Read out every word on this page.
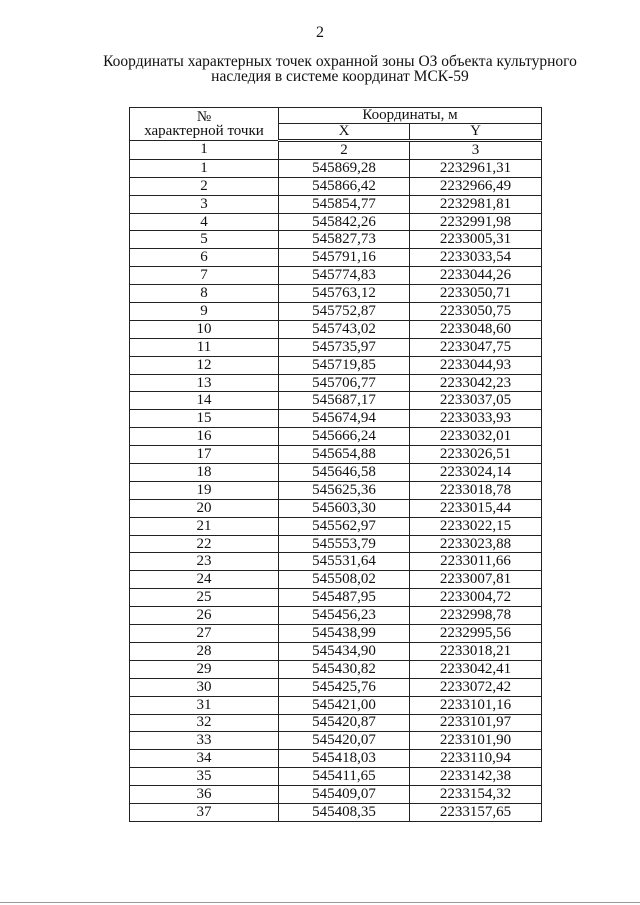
2
Координаты характерных точек охранной зоны ОЗ объекта культурного
наследия в системе координат МСК-59
№
характерной точки	Координаты, м	
	X	Y
1	2	3
1	545869,28	2232961,31
2	545866,42	2232966,49
3	545854,77	2232981,81
4	545842,26	2232991,98
5	545827,73	2233005,31
6	545791,16	2233033,54
7	545774,83	2233044,26
8	545763,12	2233050,71
9	545752,87	2233050,75
10	545743,02	2233048,60
11	545735,97	2233047,75
12	545719,85	2233044,93
13	545706,77	2233042,23
14	545687,17	2233037,05
15	545674,94	2233033,93
16	545666,24	2233032,01
17	545654,88	2233026,51
18	545646,58	2233024,14
19	545625,36	2233018,78
20	545603,30	2233015,44
21	545562,97	2233022,15
22	545553,79	2233023,88
23	545531,64	2233011,66
24	545508,02	2233007,81
25	545487,95	2233004,72
26	545456,23	2232998,78
27	545438,99	2232995,56
28	545434,90	2233018,21
29	545430,82	2233042,41
30	545425,76	2233072,42
31	545421,00	2233101,16
32	545420,87	2233101,97
33	545420,07	2233101,90
34	545418,03	2233110,94
35	545411,65	2233142,38
36	545409,07	2233154,32
37	545408,35	2233157,65
